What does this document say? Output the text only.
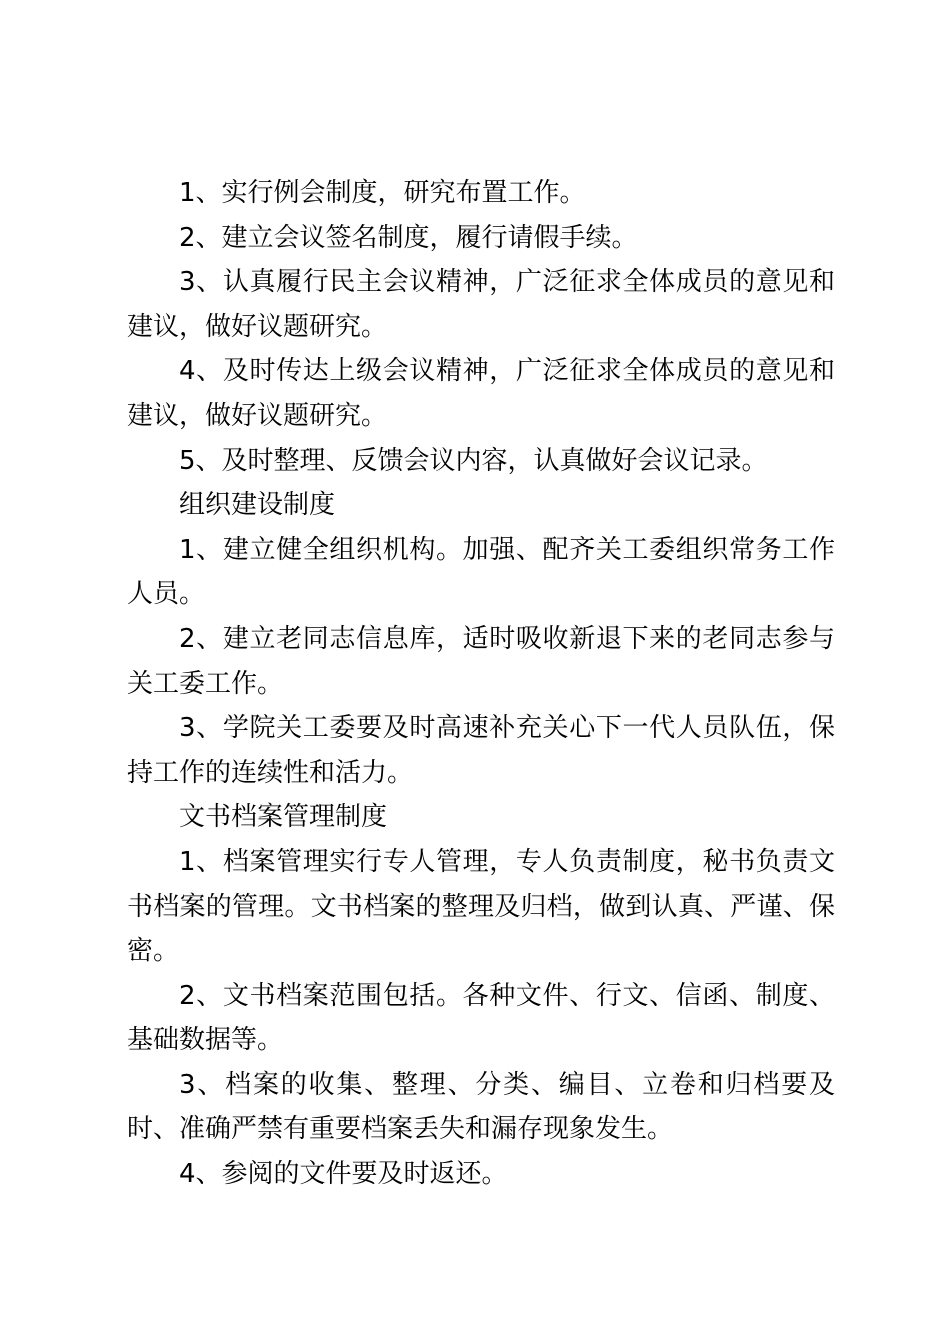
1、实行例会制度，研究布置工作。

2、建立会议签名制度，履行请假手续。

3、认真履行民主会议精神，广泛征求全体成员的意见和建议，做好议题研究。

4、及时传达上级会议精神，广泛征求全体成员的意见和建议，做好议题研究。

5、及时整理、反馈会议内容，认真做好会议记录。

组织建设制度

1、建立健全组织机构。加强、配齐关工委组织常务工作人员。

2、建立老同志信息库，适时吸收新退下来的老同志参与关工委工作。

3、学院关工委要及时高速补充关心下一代人员队伍，保持工作的连续性和活力。

文书档案管理制度

1、档案管理实行专人管理，专人负责制度，秘书负责文书档案的管理。文书档案的整理及归档，做到认真、严谨、保密。

2、文书档案范围包括。各种文件、行文、信函、制度、基础数据等。

3、档案的收集、整理、分类、编目、立卷和归档要及时、准确严禁有重要档案丢失和漏存现象发生。

4、参阅的文件要及时返还。
